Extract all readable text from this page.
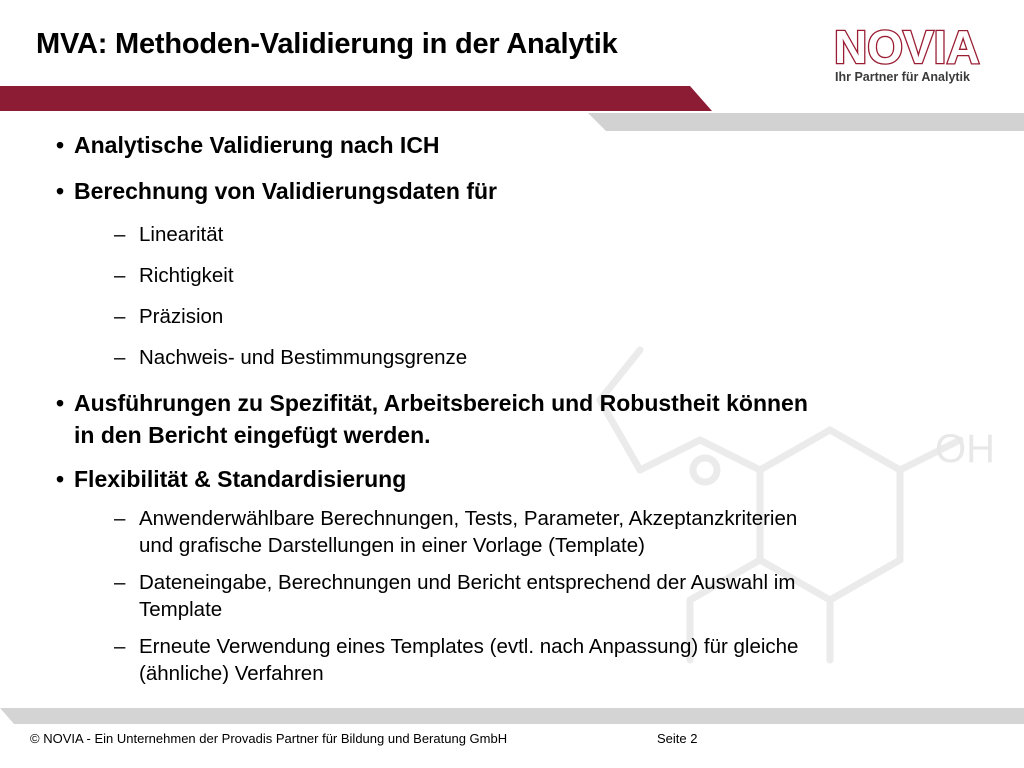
OH
MVA: Methoden-Validierung in der Analytik	NOVIA
Ihr Partner für Analytik
• Analytische Validierung nach ICH
• Berechnung von Validierungsdaten für
– Linearität
– Richtigkeit
– Präzision
– Nachweis- und Bestimmungsgrenze
• Ausführungen zu Spezifität, Arbeitsbereich und Robustheit können
in den Bericht eingefügt werden.
• Flexibilität & Standardisierung
– Anwenderwählbare Berechnungen, Tests, Parameter, Akzeptanzkriterien
und grafische Darstellungen in einer Vorlage (Template)
– Dateneingabe, Berechnungen und Bericht entsprechend der Auswahl im
Template
– Erneute Verwendung eines Templates (evtl. nach Anpassung) für gleiche
(ähnliche) Verfahren
© NOVIA - Ein Unternehmen der Provadis Partner für Bildung und Beratung GmbH	Seite 2
